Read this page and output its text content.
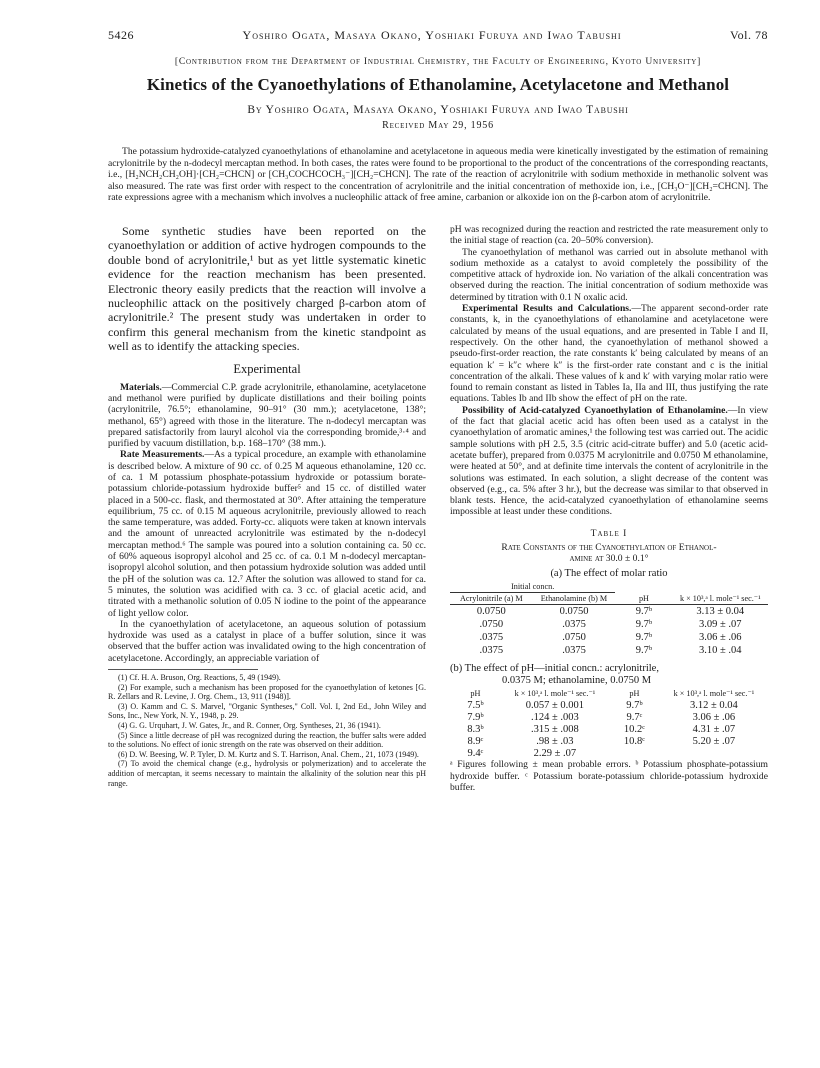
5426	Yoshiro Ogata, Masaya Okano, Yoshiaki Furuya and Iwao Tabushi	Vol. 78
[Contribution from the Department of Industrial Chemistry, the Faculty of Engineering, Kyoto University]
Kinetics of the Cyanoethylations of Ethanolamine, Acetylacetone and Methanol
By Yoshiro Ogata, Masaya Okano, Yoshiaki Furuya and Iwao Tabushi
Received May 29, 1956

The potassium hydroxide-catalyzed cyanoethylations of ethanolamine and acetylacetone in aqueous media were kinetically investigated by the estimation of remaining acrylonitrile by the n-dodecyl mercaptan method. In both cases, the rates were found to be proportional to the product of the concentrations of the corresponding reactants, i.e., [H₂NCH₂CH₂OH]·[CH₂=CHCN] or [CH₃COCHCOCH₃⁻][CH₂=CHCN]. The rate of the reaction of acrylonitrile with sodium methoxide in methanolic solvent was also measured. The rate was first order with respect to the concentration of acrylonitrile and the initial concentration of methoxide ion, i.e., [CH₃O⁻][CH₂=CHCN]. The rate expressions agree with a mechanism which involves a nucleophilic attack of free amine, carbanion or alkoxide ion on the β-carbon atom of acrylonitrile.

Some synthetic studies have been reported on the cyanoethylation or addition of active hydrogen compounds to the double bond of acrylonitrile,¹ but as yet little systematic kinetic evidence for the reaction mechanism has been presented. Electronic theory easily predicts that the reaction will involve a nucleophilic attack on the positively charged β-carbon atom of acrylonitrile.² The present study was undertaken in order to confirm this general mechanism from the kinetic standpoint as well as to identify the attacking species.

Experimental

Materials.—Commercial C.P. grade acrylonitrile, ethanolamine, acetylacetone and methanol were purified by duplicate distillations and their boiling points (acrylonitrile, 76.5°; ethanolamine, 90–91° (30 mm.); acetylacetone, 138°; methanol, 65°) agreed with those in the literature. The n-dodecyl mercaptan was prepared satisfactorily from lauryl alcohol via the corresponding bromide,³·⁴ and purified by vacuum distillation, b.p. 168–170° (38 mm.).

Rate Measurements.—As a typical procedure, an example with ethanolamine is described below. A mixture of 90 cc. of 0.25 M aqueous ethanolamine, 120 cc. of ca. 1 M potassium phosphate-potassium hydroxide or potassium borate-potassium chloride-potassium hydroxide buffer⁵ and 15 cc. of distilled water placed in a 500-cc. flask, and thermostated at 30°. After attaining the temperature equilibrium, 75 cc. of 0.15 M aqueous acrylonitrile, previously allowed to reach the same temperature, was added. Forty-cc. aliquots were taken at known intervals and the amount of unreacted acrylonitrile was estimated by the n-dodecyl mercaptan method.⁶ The sample was poured into a solution containing ca. 50 cc. of 60% aqueous isopropyl alcohol and 25 cc. of ca. 0.1 M n-dodecyl mercaptan-isopropyl alcohol solution, and then potassium hydroxide solution was added until the pH of the solution was ca. 12.⁷ After the solution was allowed to stand for ca. 5 minutes, the solution was acidified with ca. 3 cc. of glacial acetic acid, and titrated with a methanolic solution of 0.05 N iodine to the point of the appearance of light yellow color.

In the cyanoethylation of acetylacetone, an aqueous solution of potassium hydroxide was used as a catalyst in place of a buffer solution, since it was observed that the buffer action was invalidated owing to the high concentration of acetylacetone. Accordingly, an appreciable variation of

(1) Cf. H. A. Bruson, Org. Reactions, 5, 49 (1949).
(2) For example, such a mechanism has been proposed for the cyanoethylation of ketones [G. R. Zellars and R. Levine, J. Org. Chem., 13, 911 (1948)].
(3) O. Kamm and C. S. Marvel, "Organic Syntheses," Coll. Vol. I, 2nd Ed., John Wiley and Sons, Inc., New York, N. Y., 1948, p. 29.
(4) G. G. Urquhart, J. W. Gates, Jr., and R. Conner, Org. Syntheses, 21, 36 (1941).
(5) Since a little decrease of pH was recognized during the reaction, the buffer salts were added to the solutions. No effect of ionic strength on the rate was observed on their addition.
(6) D. W. Beesing, W. P. Tyler, D. M. Kurtz and S. T. Harrison, Anal. Chem., 21, 1073 (1949).
(7) To avoid the chemical change (e.g., hydrolysis or polymerization) and to accelerate the addition of mercaptan, it seems necessary to maintain the alkalinity of the solution near this pH range.

pH was recognized during the reaction and restricted the rate measurement only to the initial stage of reaction (ca. 20–50% conversion).

The cyanoethylation of methanol was carried out in absolute methanol with sodium methoxide as a catalyst to avoid completely the possibility of the competitive attack of hydroxide ion. No variation of the alkali concentration was observed during the reaction. The initial concentration of sodium methoxide was determined by titration with 0.1 N oxalic acid.

Experimental Results and Calculations.—The apparent second-order rate constants, k, in the cyanoethylations of ethanolamine and acetylacetone were calculated by means of the usual equations, and are presented in Table I and II, respectively. On the other hand, the cyanoethylation of methanol showed a pseudo-first-order reaction, the rate constants k′ being calculated by means of an equation k′ = k″c where k″ is the first-order rate constant and c is the initial concentration of the alkali. These values of k and k′ with varying molar ratio were found to remain constant as listed in Tables Ia, IIa and III, thus justifying the rate equations. Tables Ib and IIb show the effect of pH on the rate.

Possibility of Acid-catalyzed Cyanoethylation of Ethanolamine.—In view of the fact that glacial acetic acid has often been used as a catalyst in the cyanoethylation of aromatic amines,¹ the following test was carried out. The acidic sample solutions with pH 2.5, 3.5 (citric acid-citrate buffer) and 5.0 (acetic acid-acetate buffer), prepared from 0.0375 M acrylonitrile and 0.0750 M ethanolamine, were heated at 50°, and at definite time intervals the content of acrylonitrile in the solutions was estimated. In each solution, a slight decrease of the content was observed (e.g., ca. 5% after 3 hr.), but the decrease was similar to that observed in blank tests. Hence, the acid-catalyzed cyanoethylation of ethanolamine seems impossible at least under these conditions.

Table I
Rate Constants of the Cyanoethylation of Ethanol-
amine at 30.0 ± 0.1°
(a) The effect of molar ratio
Initial concn.			
Acrylonitrile (a) M	Ethanolamine (b) M	pH	k × 10³,ᵃ l. mole⁻¹ sec.⁻¹
0.0750	0.0750	9.7ᵇ	3.13 ± 0.04
.0750	.0375	9.7ᵇ	3.09 ± .07
.0375	.0750	9.7ᵇ	3.06 ± .06
.0375	.0375	9.7ᵇ	3.10 ± .04
(b) The effect of pH—initial concn.: acrylonitrile,
0.0375 M; ethanolamine, 0.0750 M
pH	k × 10³,ᵃ l. mole⁻¹ sec.⁻¹	pH	k × 10³,ᵃ l. mole⁻¹ sec.⁻¹
7.5ᵇ	0.057 ± 0.001	9.7ᵇ	3.12 ± 0.04
7.9ᵇ	.124 ± .003	9.7ᶜ	3.06 ± .06
8.3ᵇ	.315 ± .008	10.2ᶜ	4.31 ± .07
8.9ᶜ	.98 ± .03	10.8ᶜ	5.20 ± .07
9.4ᶜ	2.29 ± .07		

ᵃ Figures following ± mean probable errors. ᵇ Potassium phosphate-potassium hydroxide buffer. ᶜ Potassium borate-potassium chloride-potassium hydroxide buffer.
